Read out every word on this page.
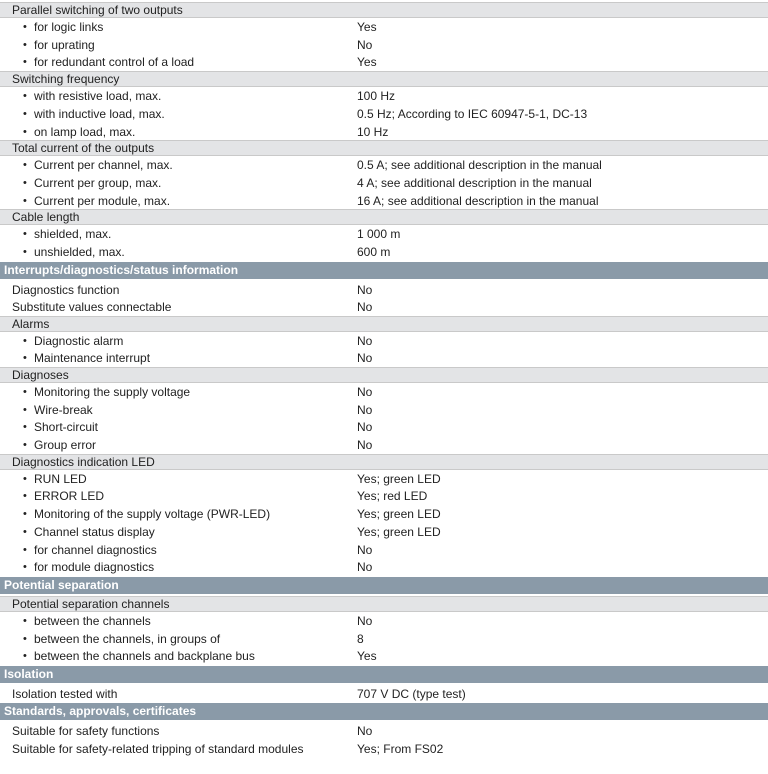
Parallel switching of two outputs
• for logic links	Yes
• for uprating	No
• for redundant control of a load	Yes
Switching frequency
• with resistive load, max.	100 Hz
• with inductive load, max.	0.5 Hz; According to IEC 60947-5-1, DC-13
• on lamp load, max.	10 Hz
Total current of the outputs
• Current per channel, max.	0.5 A; see additional description in the manual
• Current per group, max.	4 A; see additional description in the manual
• Current per module, max.	16 A; see additional description in the manual
Cable length
• shielded, max.	1 000 m
• unshielded, max.	600 m
Interrupts/diagnostics/status information
Diagnostics function	No
Substitute values connectable	No
Alarms
• Diagnostic alarm	No
• Maintenance interrupt	No
Diagnoses
• Monitoring the supply voltage	No
• Wire-break	No
• Short-circuit	No
• Group error	No
Diagnostics indication LED
• RUN LED	Yes; green LED
• ERROR LED	Yes; red LED
• Monitoring of the supply voltage (PWR-LED)	Yes; green LED
• Channel status display	Yes; green LED
• for channel diagnostics	No
• for module diagnostics	No
Potential separation
Potential separation channels
• between the channels	No
• between the channels, in groups of	8
• between the channels and backplane bus	Yes
Isolation
Isolation tested with	707 V DC (type test)
Standards, approvals, certificates
Suitable for safety functions	No
Suitable for safety-related tripping of standard modules	Yes; From FS02
